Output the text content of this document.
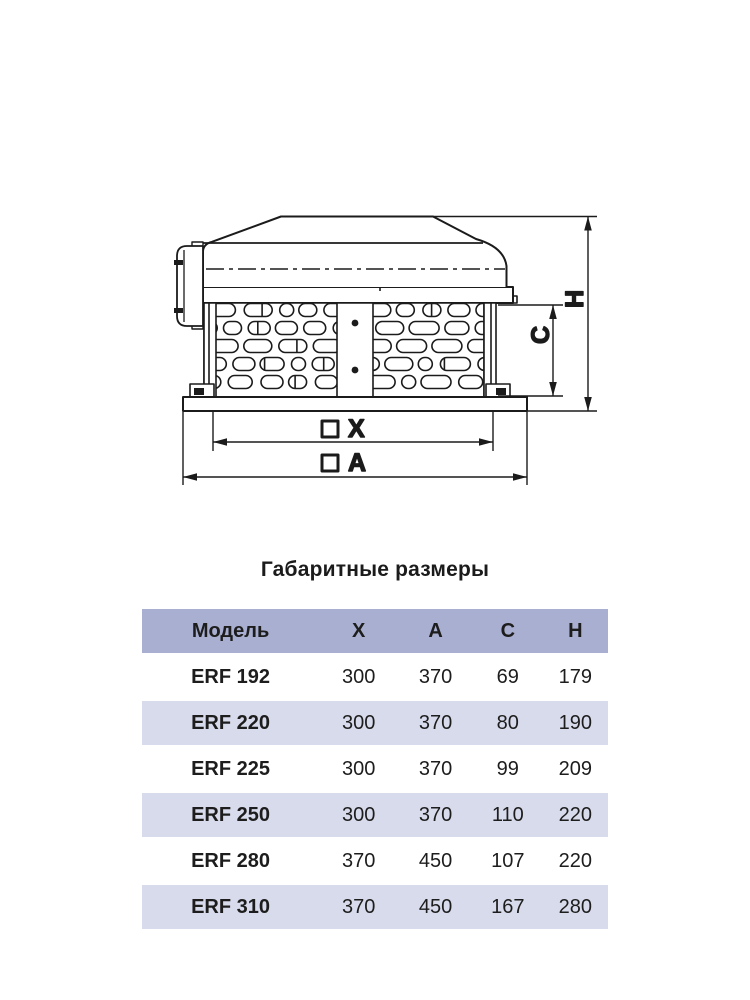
X
A
H
C
Габаритные размеры
Модель	X	A	C	H
ERF 192	300	370	69	179
ERF 220	300	370	80	190
ERF 225	300	370	99	209
ERF 250	300	370	110	220
ERF 280	370	450	107	220
ERF 310	370	450	167	280
